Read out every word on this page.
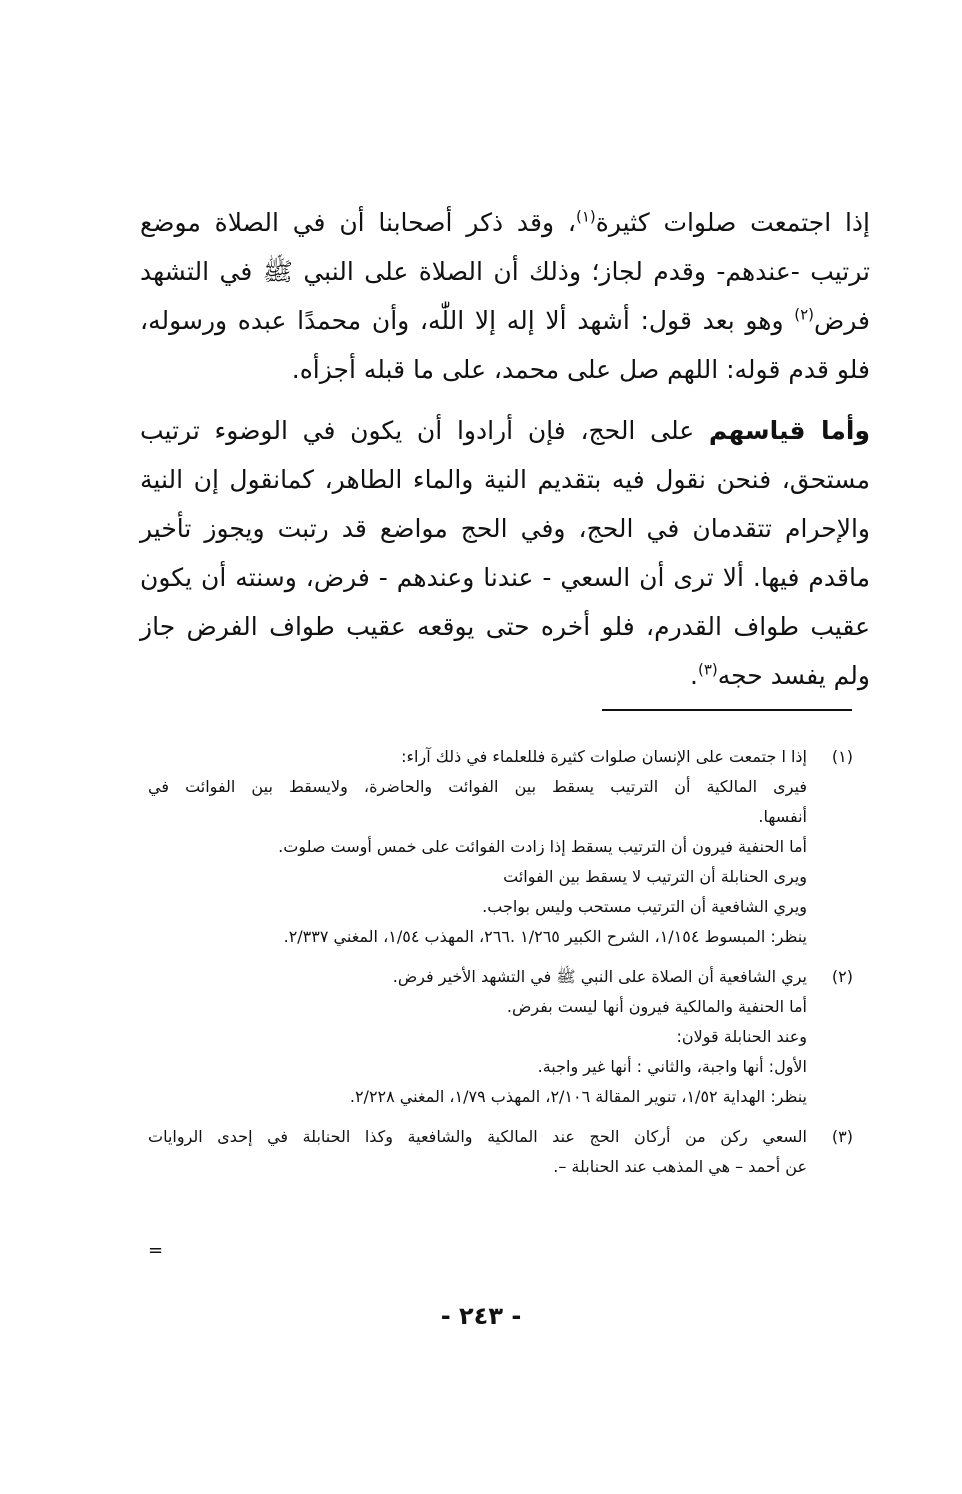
إذا اجتمعت صلوات كثيرة$^{(١)}$، وقد ذكر أصحابنا أن في الصلاة موضع ترتيب -عندهم- وقدم لجاز؛ وذلك أن الصلاة على النبي ﷺ في التشهد فرض$^{(٢)}$ وهو بعد قول: أشهد ألا إله إلا اللّٰه، وأن محمدًا عبده ورسوله، فلو قدم قوله: اللهم صل على محمد، على ما قبله أجزأه.

وأما قياسهم على الحج، فإن أرادوا أن يكون في الوضوء ترتيب مستحق، فنحن نقول فيه بتقديم النية والماء الطاهر، كمانقول إن النية والإحرام تتقدمان في الحج، وفي الحج مواضع قد رتبت ويجوز تأخير ماقدم فيها. ألا ترى أن السعي - عندنا وعندهم - فرض، وسنته أن يكون عقيب طواف القدرم، فلو أخره حتى يوقعه عقيب طواف الفرض جاز ولم يفسد حجه$^{(٣)}$.

(١)
إذا ا جتمعت على الإنسان صلوات كثيرة فللعلماء في ذلك آراء:
فيرى المالكية أن الترتيب يسقط بين الفوائت والحاضرة، ولايسقط بين الفوائت في
أنفسها.
أما الحنفية فيرون أن الترتيب يسقط إذا زادت الفوائت على خمس أوست صلوت.
ويرى الحنابلة أن الترتيب لا يسقط بين الفوائت
ويري الشافعية أن الترتيب مستحب وليس بواجب.
ينظر: المبسوط ١/١٥٤، الشرح الكبير ١/٢٦٥ .٢٦٦، المهذب ١/٥٤، المغني ٢/٣٣٧.
(٢)
يري الشافعية أن الصلاة على النبي ﷺ في التشهد الأخير فرض.
أما الحنفية والمالكية فيرون أنها ليست بفرض.
وعند الحنابلة قولان:
الأول: أنها واجبة، والثاني : أنها غير واجبة.
ينظر: الهداية ١/٥٢، تنوير المقالة ٢/١٠٦، المهذب ١/٧٩، المغني ٢/٢٢٨.
(٣)
السعي ركن من أركان الحج عند المالكية والشافعية وكذا الحنابلة في إحدى الروايات
عن أحمد – هي المذهب عند الحنابلة –.
=
- ٢٤٣ -
